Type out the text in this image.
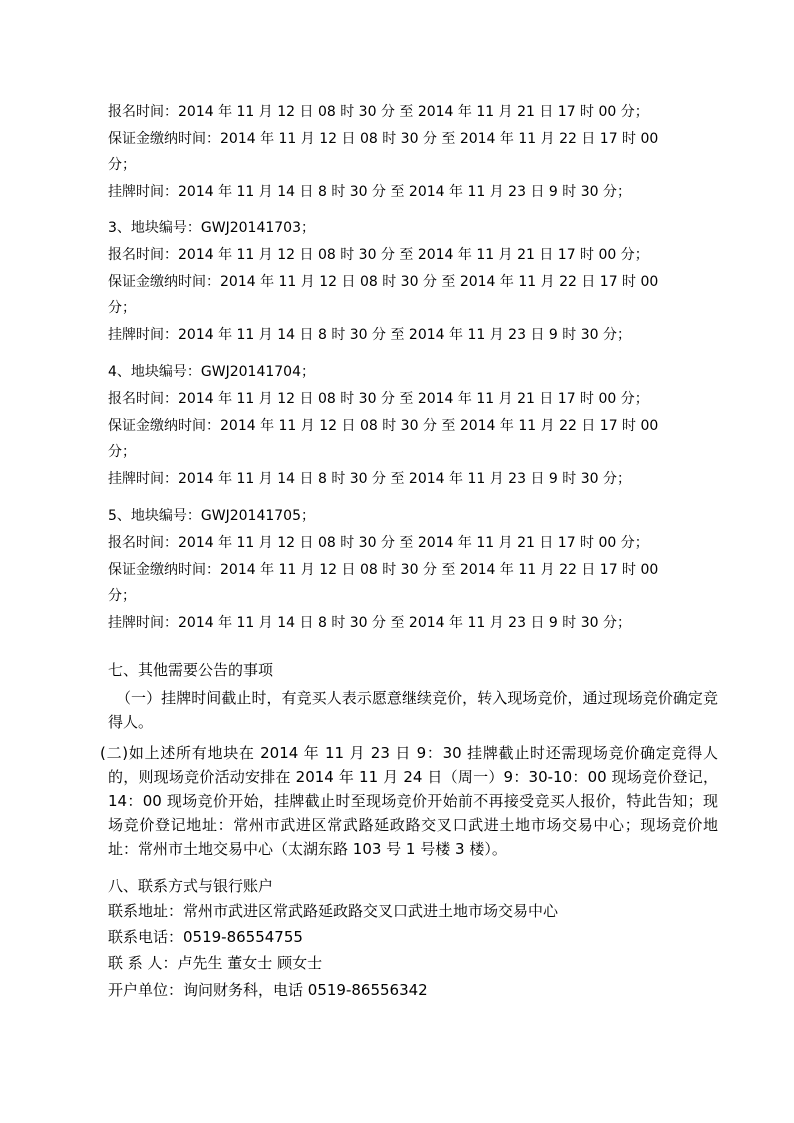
报名时间：2014 年 11 月 12 日 08 时 30 分 至 2014 年 11 月 21 日 17 时 00 分；
保证金缴纳时间：2014 年 11 月 12 日 08 时 30 分 至 2014 年 11 月 22 日 17 时 00
分；
挂牌时间：2014 年 11 月 14 日 8 时 30 分 至 2014 年 11 月 23 日 9 时 30 分；
3、地块编号：GWJ20141703；
报名时间：2014 年 11 月 12 日 08 时 30 分 至 2014 年 11 月 21 日 17 时 00 分；
保证金缴纳时间：2014 年 11 月 12 日 08 时 30 分 至 2014 年 11 月 22 日 17 时 00
分；
挂牌时间：2014 年 11 月 14 日 8 时 30 分 至 2014 年 11 月 23 日 9 时 30 分；
4、地块编号：GWJ20141704；
报名时间：2014 年 11 月 12 日 08 时 30 分 至 2014 年 11 月 21 日 17 时 00 分；
保证金缴纳时间：2014 年 11 月 12 日 08 时 30 分 至 2014 年 11 月 22 日 17 时 00
分；
挂牌时间：2014 年 11 月 14 日 8 时 30 分 至 2014 年 11 月 23 日 9 时 30 分；
5、地块编号：GWJ20141705；
报名时间：2014 年 11 月 12 日 08 时 30 分 至 2014 年 11 月 21 日 17 时 00 分；
保证金缴纳时间：2014 年 11 月 12 日 08 时 30 分 至 2014 年 11 月 22 日 17 时 00
分；
挂牌时间：2014 年 11 月 14 日 8 时 30 分 至 2014 年 11 月 23 日 9 时 30 分；
七、其他需要公告的事项
（一）挂牌时间截止时，有竞买人表示愿意继续竞价，转入现场竞价，通过现场竞价确定竞得人。
(二)如上述所有地块在 2014 年 11 月 23 日 9：30 挂牌截止时还需现场竞价确定竞得人的，则现场竞价活动安排在 2014 年 11 月 24 日（周一）9：30-10：00 现场竞价登记，14：00 现场竞价开始，挂牌截止时至现场竞价开始前不再接受竞买人报价，特此告知；现场竞价登记地址：常州市武进区常武路延政路交叉口武进土地市场交易中心；现场竞价地址：常州市土地交易中心（太湖东路 103 号 1 号楼 3 楼）。
八、联系方式与银行账户
联系地址：常州市武进区常武路延政路交叉口武进土地市场交易中心
联系电话：0519-86554755
联 系 人：卢先生 董女士 顾女士
开户单位：询问财务科，电话 0519-86556342
